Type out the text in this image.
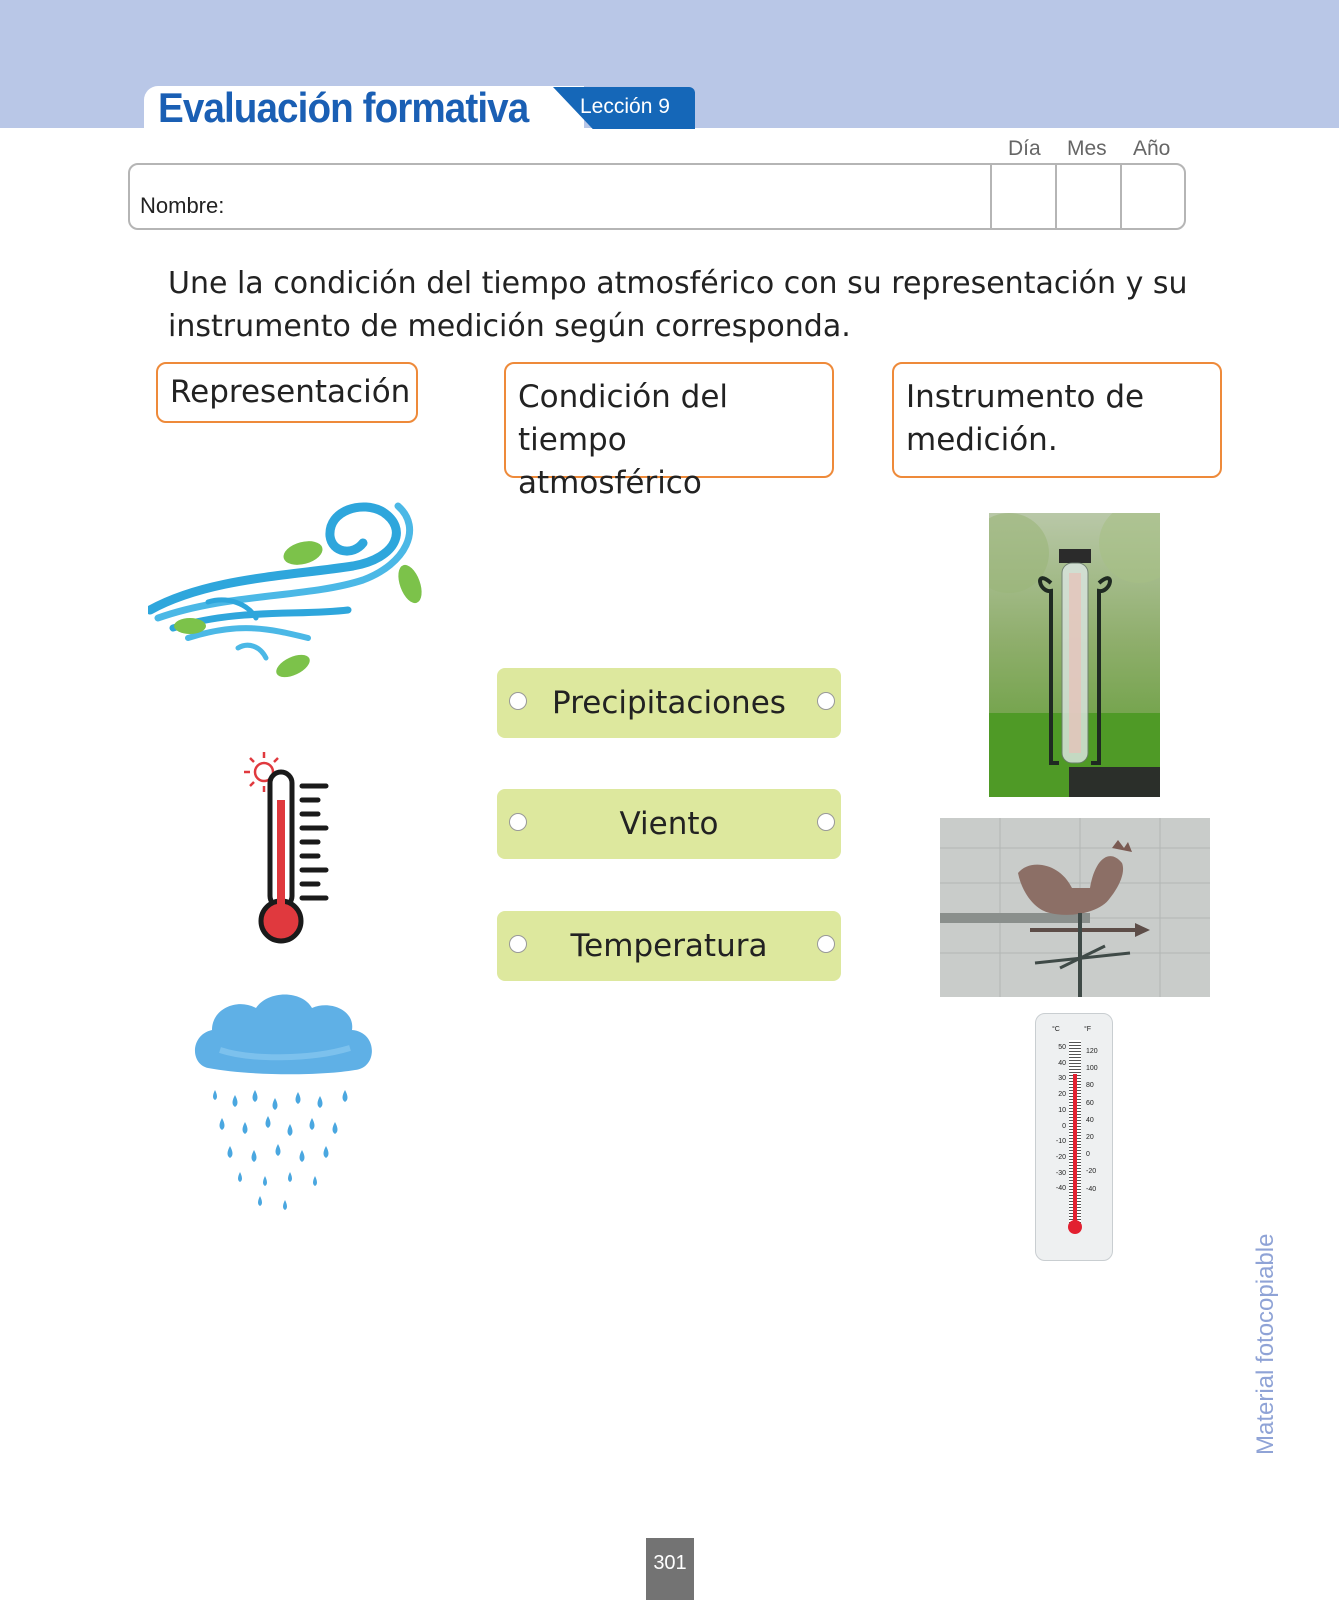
Evaluación formativa Lección 9
Día Mes Año
Nombre:
Une la condición del tiempo atmosférico con su representación y su instrumento de medición según corresponda.
Representación	Condición del tiempo atmosférico
Instrumento de medición.
Precipitaciones
Viento
Temperatura
°C	°F
50
40
30
20
10
0
-10
-20
-30
-40
120
100
80
60
40
20
0
-20
-40
Material fotocopiable
301
